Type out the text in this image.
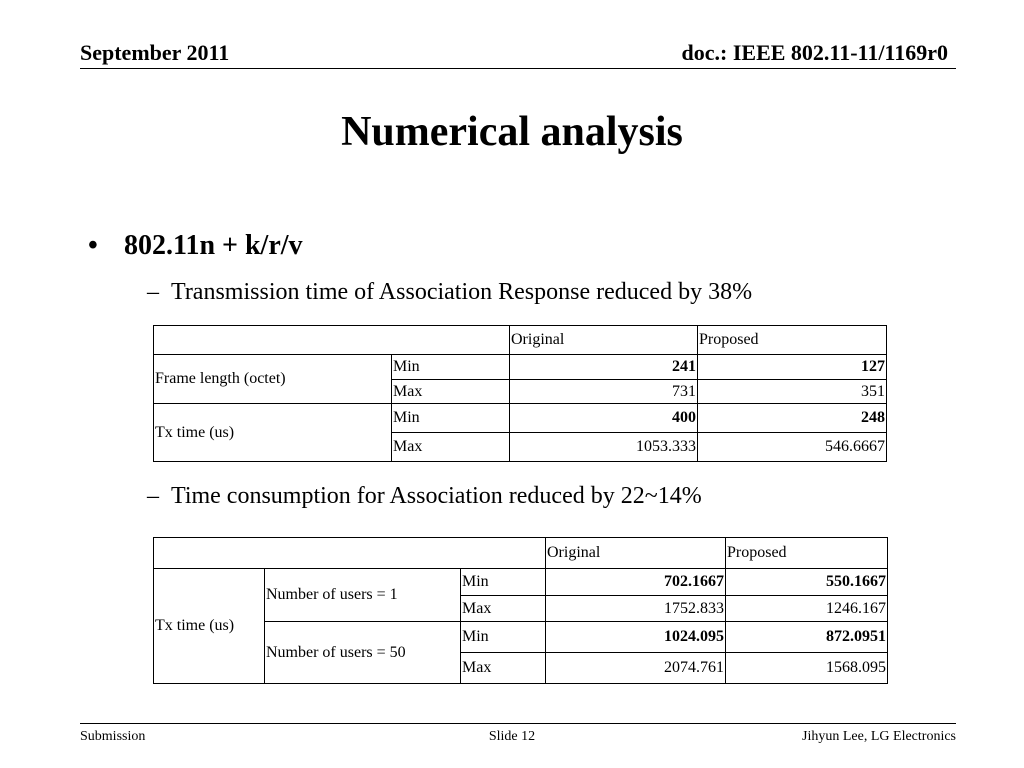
September 2011	doc.: IEEE 802.11-11/1169r0
Numerical analysis
• 802.11n + k/r/v
– Transmission time of Association Response reduced by 38%
		Original	Proposed
Frame length (octet)	Min	241	127
	Max	731	351
Tx time (us)	Min	400	248
	Max	1053.333	546.6667
– Time consumption for Association reduced by 22~14%
			Original	Proposed
Tx time (us)	Number of users = 1	Min	702.1667	550.1667
		Max	1752.833	1246.167
	Number of users = 50	Min	1024.095	872.0951
		Max	2074.761	1568.095
Submission	Slide 12	Jihyun Lee, LG Electronics
